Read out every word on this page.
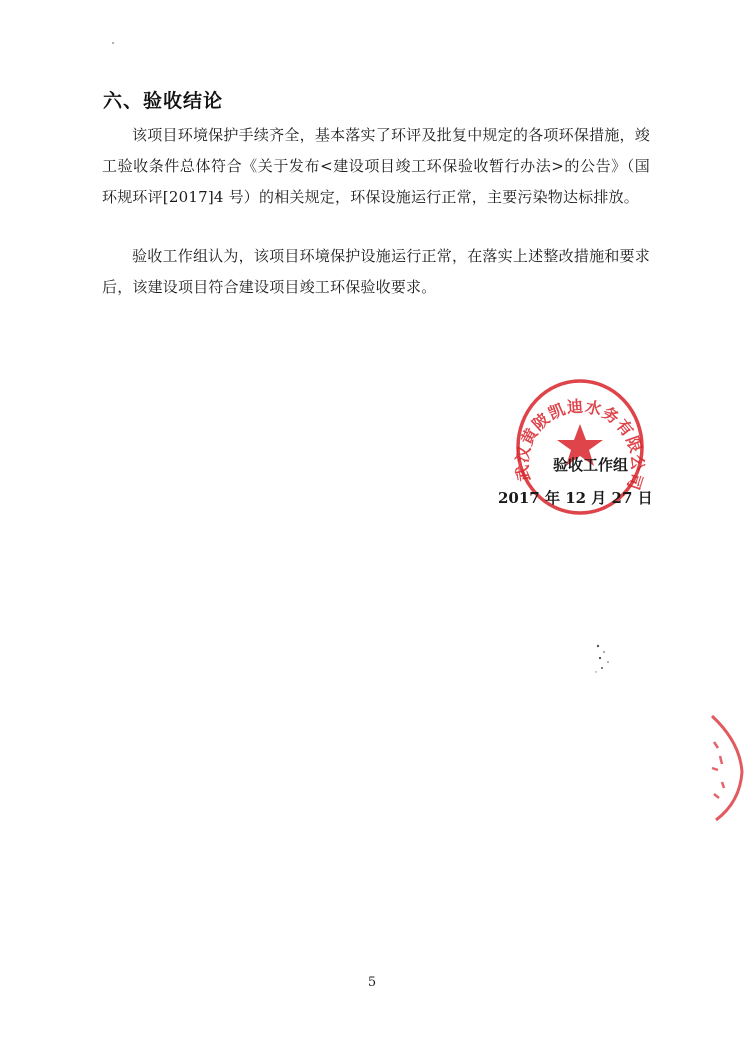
六、验收结论
该项目环境保护手续齐全，基本落实了环评及批复中规定的各项环保措施，竣工验收条件总体符合《关于发布<建设项目竣工环保验收暂行办法>的公告》（国环规环评[2017]4 号）的相关规定，环保设施运行正常，主要污染物达标排放。
验收工作组认为，该项目环境保护设施运行正常，在落实上述整改措施和要求后，该建设项目符合建设项目竣工环保验收要求。
武汉黄陂凯迪水务有限公司
验收工作组
2017 年 12 月 27 日
5
